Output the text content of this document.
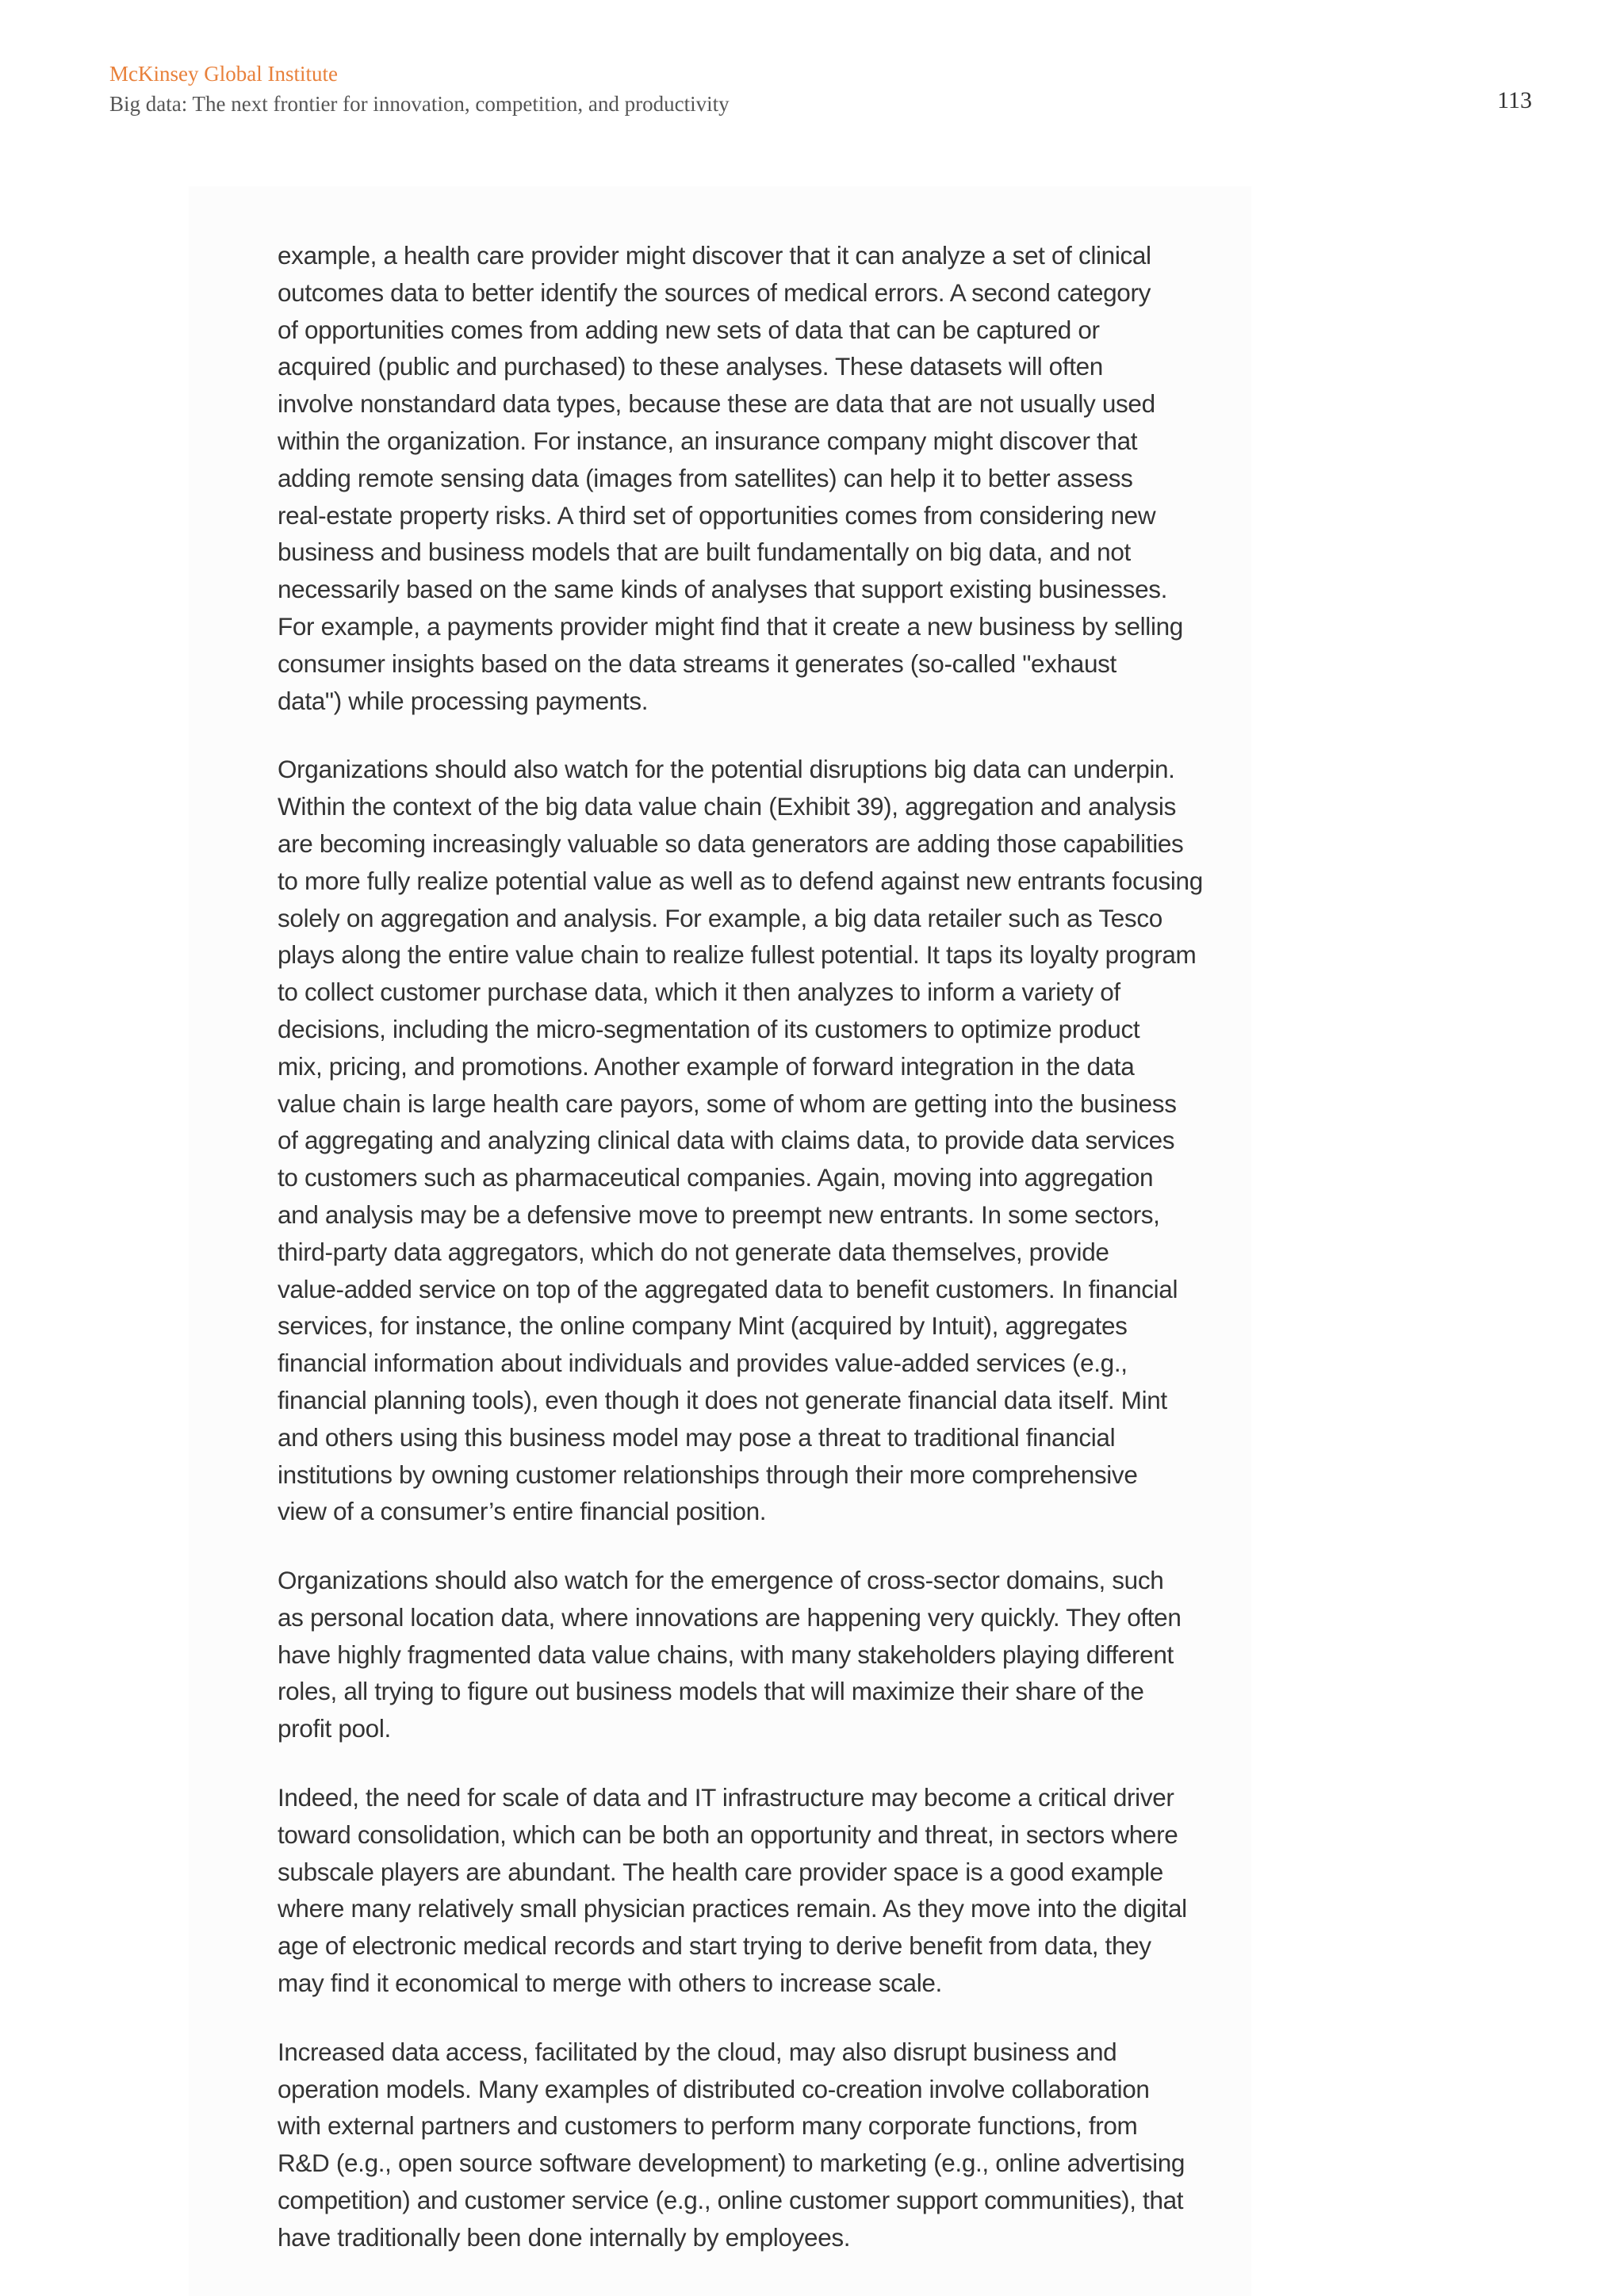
McKinsey Global Institute
Big data: The next frontier for innovation, competition, and productivity	113

example, a health care provider might discover that it can analyze a set of clinical
outcomes data to better identify the sources of medical errors. A second category
of opportunities comes from adding new sets of data that can be captured or
acquired (public and purchased) to these analyses. These datasets will often
involve nonstandard data types, because these are data that are not usually used
within the organization. For instance, an insurance company might discover that
adding remote sensing data (images from satellites) can help it to better assess
real-estate property risks. A third set of opportunities comes from considering new
business and business models that are built fundamentally on big data, and not
necessarily based on the same kinds of analyses that support existing businesses.
For example, a payments provider might find that it create a new business by selling
consumer insights based on the data streams it generates (so-called "exhaust
data") while processing payments.

Organizations should also watch for the potential disruptions big data can underpin.
Within the context of the big data value chain (Exhibit 39), aggregation and analysis
are becoming increasingly valuable so data generators are adding those capabilities
to more fully realize potential value as well as to defend against new entrants focusing
solely on aggregation and analysis. For example, a big data retailer such as Tesco
plays along the entire value chain to realize fullest potential. It taps its loyalty program
to collect customer purchase data, which it then analyzes to inform a variety of
decisions, including the micro-segmentation of its customers to optimize product
mix, pricing, and promotions. Another example of forward integration in the data
value chain is large health care payors, some of whom are getting into the business
of aggregating and analyzing clinical data with claims data, to provide data services
to customers such as pharmaceutical companies. Again, moving into aggregation
and analysis may be a defensive move to preempt new entrants. In some sectors,
third-party data aggregators, which do not generate data themselves, provide
value-added service on top of the aggregated data to benefit customers. In financial
services, for instance, the online company Mint (acquired by Intuit), aggregates
financial information about individuals and provides value-added services (e.g.,
financial planning tools), even though it does not generate financial data itself. Mint
and others using this business model may pose a threat to traditional financial
institutions by owning customer relationships through their more comprehensive
view of a consumer’s entire financial position.

Organizations should also watch for the emergence of cross-sector domains, such
as personal location data, where innovations are happening very quickly. They often
have highly fragmented data value chains, with many stakeholders playing different
roles, all trying to figure out business models that will maximize their share of the
profit pool.

Indeed, the need for scale of data and IT infrastructure may become a critical driver
toward consolidation, which can be both an opportunity and threat, in sectors where
subscale players are abundant. The health care provider space is a good example
where many relatively small physician practices remain. As they move into the digital
age of electronic medical records and start trying to derive benefit from data, they
may find it economical to merge with others to increase scale.

Increased data access, facilitated by the cloud, may also disrupt business and
operation models. Many examples of distributed co-creation involve collaboration
with external partners and customers to perform many corporate functions, from
R&D (e.g., open source software development) to marketing (e.g., online advertising
competition) and customer service (e.g., online customer support communities), that
have traditionally been done internally by employees.
